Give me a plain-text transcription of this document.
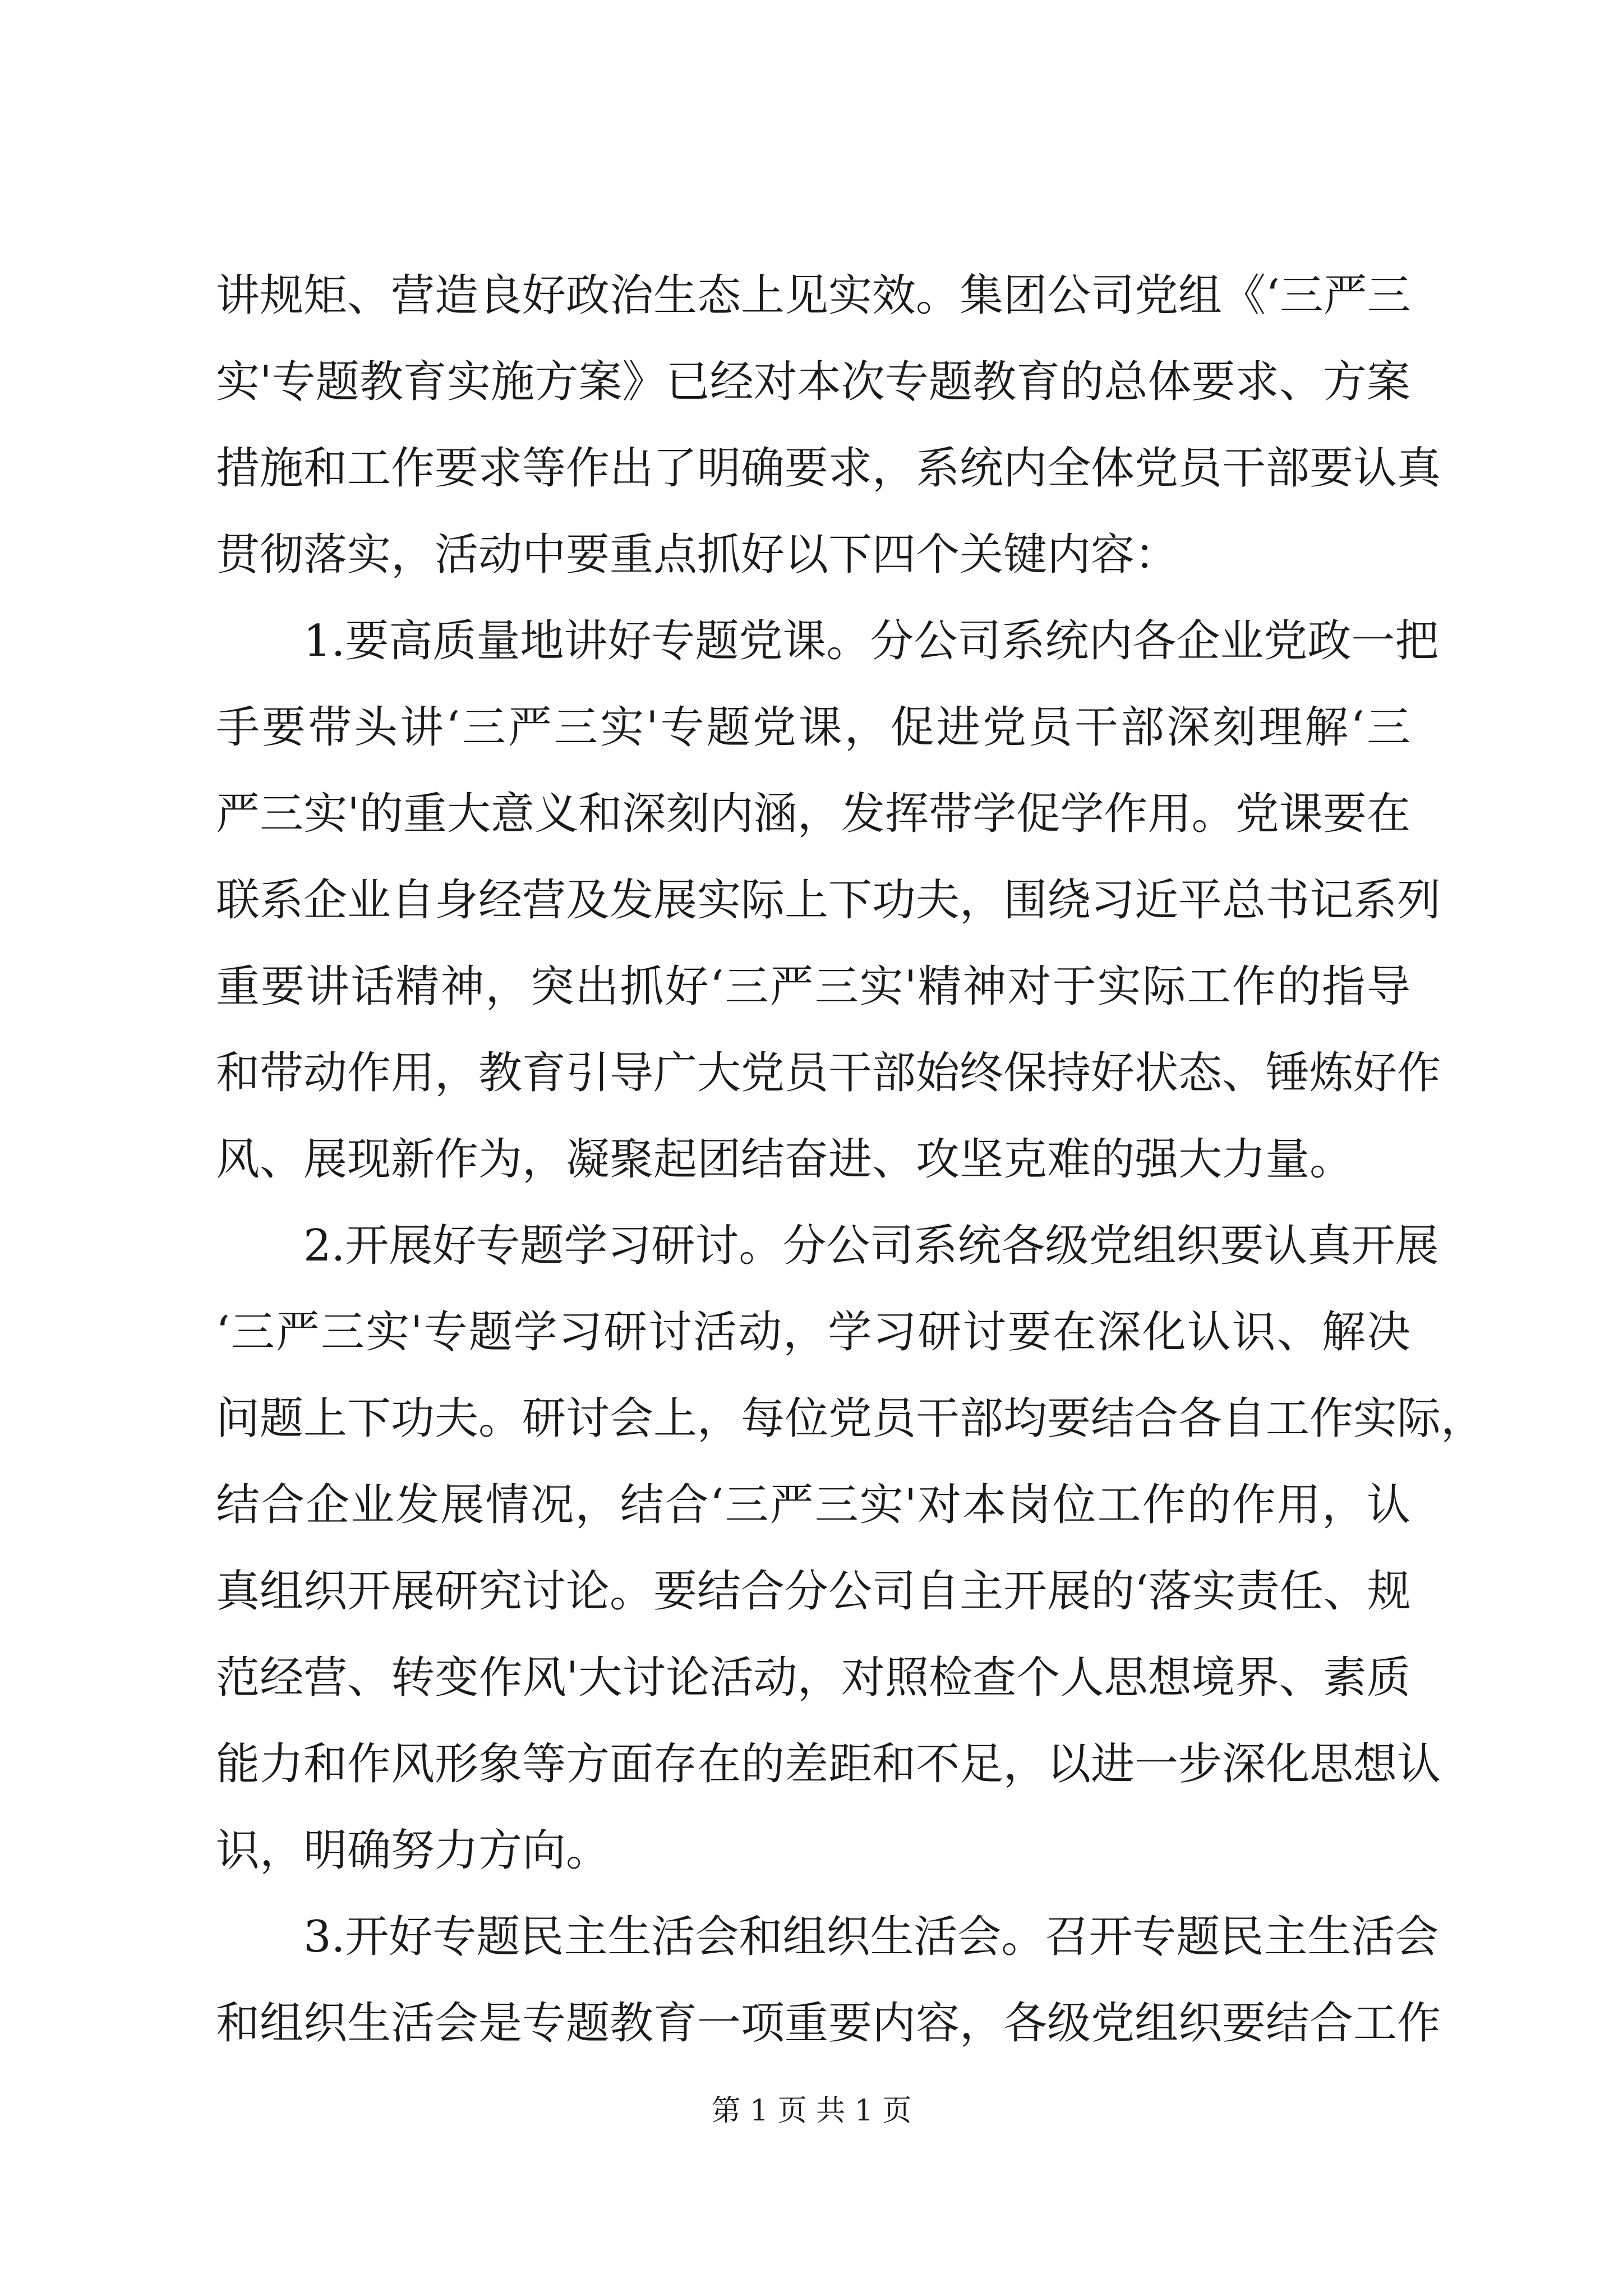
讲规矩、营造良好政治生态上见实效。集团公司党组《‘三严三
实'专题教育实施方案》已经对本次专题教育的总体要求、方案
措施和工作要求等作出了明确要求，系统内全体党员干部要认真
贯彻落实，活动中要重点抓好以下四个关键内容：
1.要高质量地讲好专题党课。分公司系统内各企业党政一把
手要带头讲‘三严三实'专题党课，促进党员干部深刻理解‘三
严三实'的重大意义和深刻内涵，发挥带学促学作用。党课要在
联系企业自身经营及发展实际上下功夫，围绕习近平总书记系列
重要讲话精神，突出抓好‘三严三实'精神对于实际工作的指导
和带动作用，教育引导广大党员干部始终保持好状态、锤炼好作
风、展现新作为，凝聚起团结奋进、攻坚克难的强大力量。
2.开展好专题学习研讨。分公司系统各级党组织要认真开展
‘三严三实'专题学习研讨活动，学习研讨要在深化认识、解决
问题上下功夫。研讨会上，每位党员干部均要结合各自工作实际，
结合企业发展情况，结合‘三严三实'对本岗位工作的作用，认
真组织开展研究讨论。要结合分公司自主开展的‘落实责任、规
范经营、转变作风'大讨论活动，对照检查个人思想境界、素质
能力和作风形象等方面存在的差距和不足，以进一步深化思想认
识，明确努力方向。
3.开好专题民主生活会和组织生活会。召开专题民主生活会
和组织生活会是专题教育一项重要内容，各级党组织要结合工作
第 1 页 共 1 页
